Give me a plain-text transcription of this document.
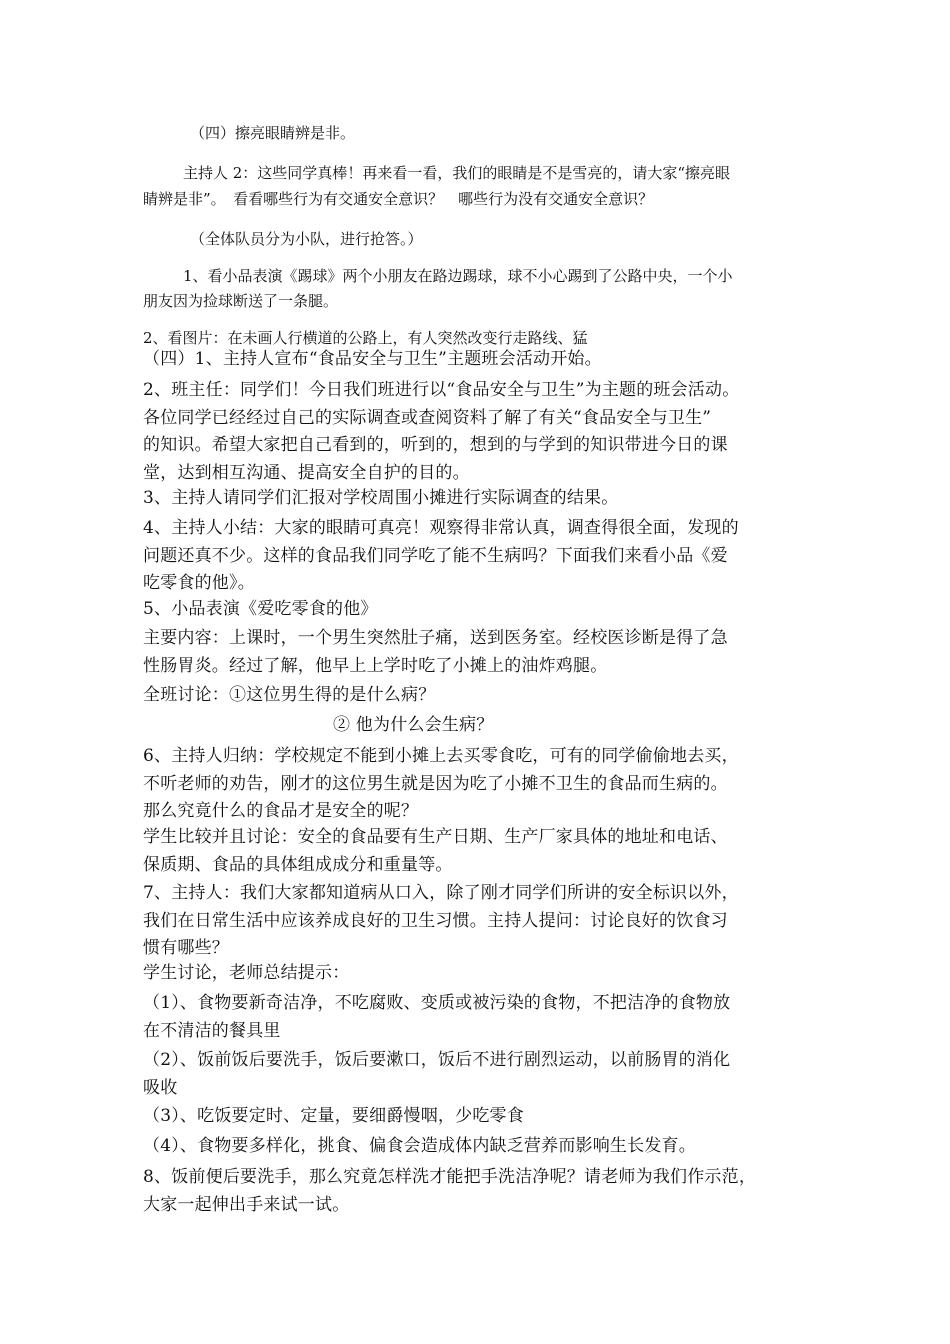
（四）擦亮眼睛辨是非。

主持人 2：这些同学真棒！再来看一看，我们的眼睛是不是雪亮的，请大家“擦亮眼

睛辨是非”。　看看哪些行为有交通安全意识？　哪些行为没有交通安全意识？

（全体队员分为小队，进行抢答。）

1、看小品表演《踢球》两个小朋友在路边踢球，球不小心踢到了公路中央，一个小

朋友因为捡球断送了一条腿。

2、看图片：在未画人行横道的公路上，有人突然改变行走路线、猛

（四）1、主持人宣布“食品安全与卫生”主题班会活动开始。

2、班主任：同学们！今日我们班进行以“食品安全与卫生”为主题的班会活动。
各位同学已经经过自己的实际调查或查阅资料了解了有关“食品安全与卫生”
的知识。希望大家把自己看到的，听到的，想到的与学到的知识带进今日的课
堂，达到相互沟通、提高安全自护的目的。

3、主持人请同学们汇报对学校周围小摊进行实际调查的结果。

4、主持人小结：大家的眼睛可真亮！观察得非常认真，调查得很全面，发现的
问题还真不少。这样的食品我们同学吃了能不生病吗？下面我们来看小品《爱
吃零食的他》。

5、小品表演《爱吃零食的他》

主要内容：上课时，一个男生突然肚子痛，送到医务室。经校医诊断是得了急
性肠胃炎。经过了解，他早上上学时吃了小摊上的油炸鸡腿。

全班讨论：①这位男生得的是什么病？

② 他为什么会生病？

6、主持人归纳：学校规定不能到小摊上去买零食吃，可有的同学偷偷地去买，
不听老师的劝告，刚才的这位男生就是因为吃了小摊不卫生的食品而生病的。
那么究竟什么的食品才是安全的呢？
学生比较并且讨论：安全的食品要有生产日期、生产厂家具体的地址和电话、
保质期、食品的具体组成成分和重量等。
7、主持人：我们大家都知道病从口入，除了刚才同学们所讲的安全标识以外，
我们在日常生活中应该养成良好的卫生习惯。主持人提问：讨论良好的饮食习
惯有哪些？

学生讨论，老师总结提示：

（1）、食物要新奇洁净，不吃腐败、变质或被污染的食物，不把洁净的食物放
在不清洁的餐具里
（2）、饭前饭后要洗手，饭后要漱口，饭后不进行剧烈运动，以前肠胃的消化
吸收

（3）、吃饭要定时、定量，要细爵慢咽，少吃零食

（4）、食物要多样化，挑食、偏食会造成体内缺乏营养而影响生长发育。

8、饭前便后要洗手，那么究竟怎样洗才能把手洗洁净呢？请老师为我们作示范，
大家一起伸出手来试一试。
